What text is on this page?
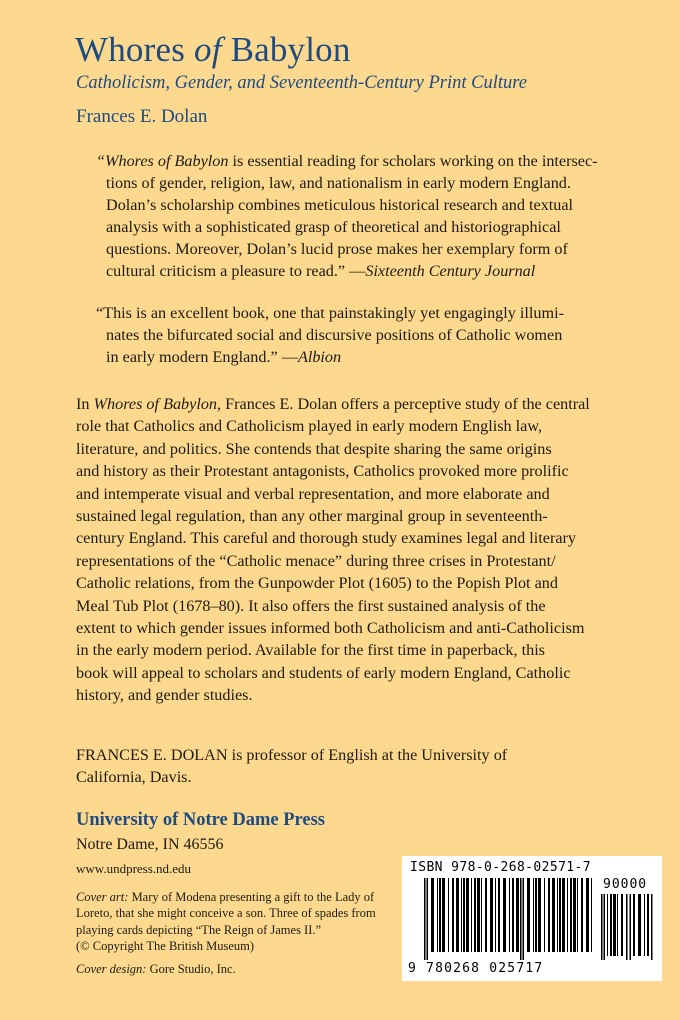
Whores of Babylon
Catholicism, Gender, and Seventeenth-Century Print Culture
Frances E. Dolan
“Whores of Babylon is essential reading for scholars working on the intersec-
tions of gender, religion, law, and nationalism in early modern England.
Dolan’s scholarship combines meticulous historical research and textual
analysis with a sophisticated grasp of theoretical and historiographical
questions. Moreover, Dolan’s lucid prose makes her exemplary form of
cultural criticism a pleasure to read.” —Sixteenth Century Journal
“This is an excellent book, one that painstakingly yet engagingly illumi-
nates the bifurcated social and discursive positions of Catholic women
in early modern England.” —Albion
In Whores of Babylon, Frances E. Dolan offers a perceptive study of the central
role that Catholics and Catholicism played in early modern English law,
literature, and politics. She contends that despite sharing the same origins
and history as their Protestant antagonists, Catholics provoked more prolific
and intemperate visual and verbal representation, and more elaborate and
sustained legal regulation, than any other marginal group in seventeenth-
century England. This careful and thorough study examines legal and literary
representations of the “Catholic menace” during three crises in Protestant/
Catholic relations, from the Gunpowder Plot (1605) to the Popish Plot and
Meal Tub Plot (1678–80). It also offers the first sustained analysis of the
extent to which gender issues informed both Catholicism and anti-Catholicism
in the early modern period. Available for the first time in paperback, this
book will appeal to scholars and students of early modern England, Catholic
history, and gender studies.
FRANCES E. DOLAN is professor of English at the University of
California, Davis.
University of Notre Dame Press
Notre Dame, IN 46556
www.undpress.nd.edu
Cover art: Mary of Modena presenting a gift to the Lady of
Loreto, that she might conceive a son. Three of spades from
playing cards depicting “The Reign of James II.”
(© Copyright The British Museum)
Cover design: Gore Studio, Inc.
ISBN 978-0-268-02571-7
90000
9 780268 025717
